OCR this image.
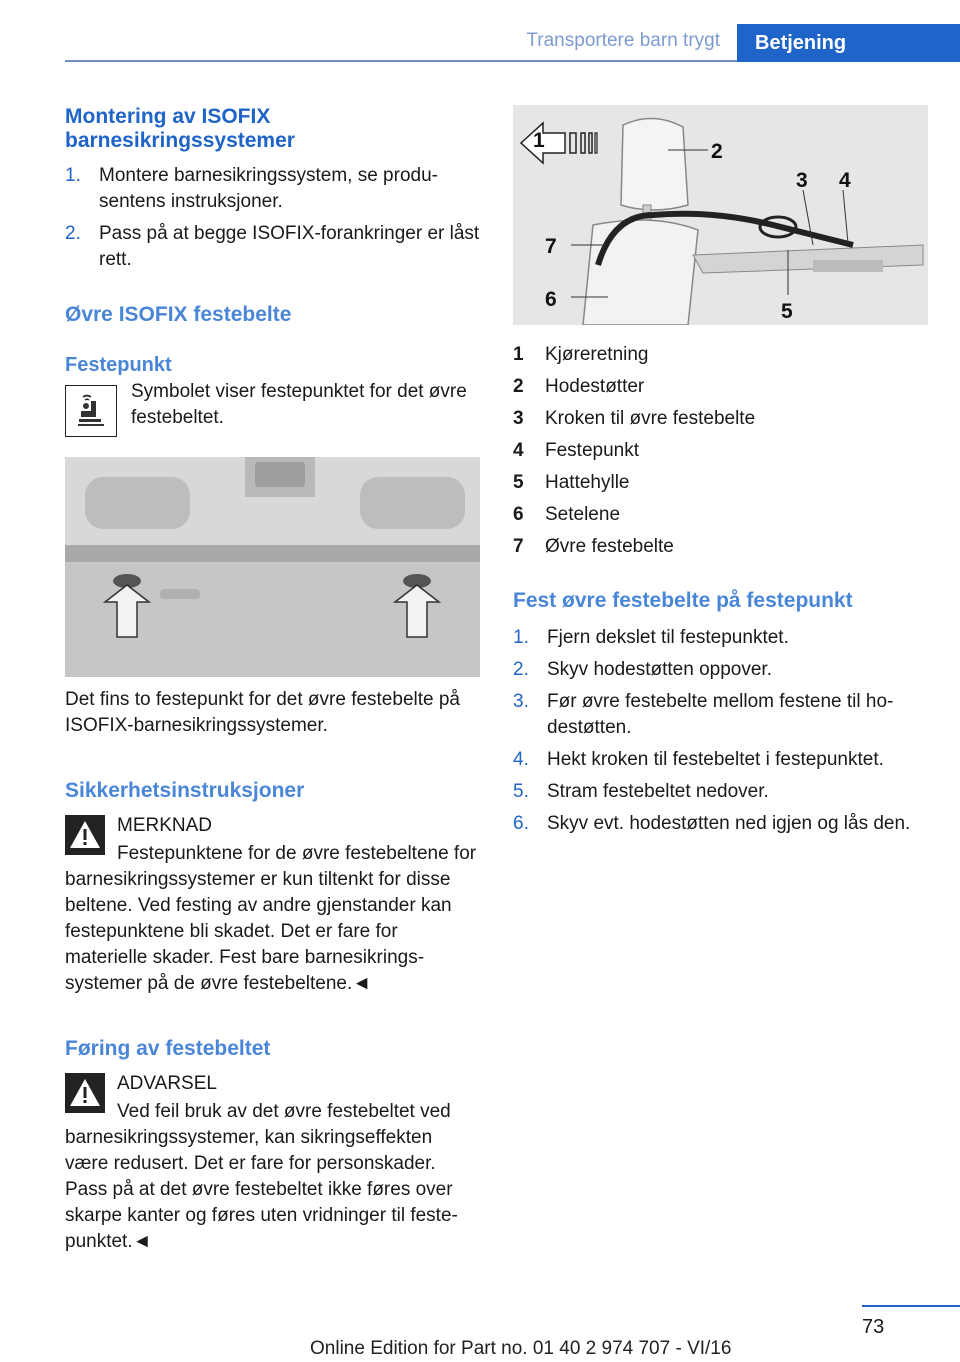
Transportere barn trygt	Betjening
Montering av ISOFIX barnesikringssystemer
1. Montere barnesikringssystem, se produsentens instruksjoner.
2. Pass på at begge ISOFIX-forankringer er låst rett.
Øvre ISOFIX festebelte
Festepunkt

Symbolet viser festepunktet for det øvre festebeltet.

Det fins to festepunkt for det øvre festebelte på ISOFIX-barnesikringssystemer.

Sikkerhetsinstruksjoner

MERKNAD

Festepunktene for de øvre festebeltene for barnesikringssystemer er kun tiltenkt for disse beltene. Ved festing av andre gjenstander kan festepunktene bli skadet. Det er fare for materielle skader. Fest bare barnesikringssystemer på de øvre festebeltene.◄

Føring av festebeltet

ADVARSEL

Ved feil bruk av det øvre festebeltet ved barnesikringssystemer, kan sikringseffekten være redusert. Det er fare for personskader. Pass på at det øvre festebeltet ikke føres over skarpe kanter og føres uten vridninger til festepunktet.◄

1	2
3 4
5
6
7
1	Kjøreretning
2	Hodestøtter
3	Kroken til øvre festebelte
4	Festepunkt
5	Hattehylle
6	Setelene
7	Øvre festebelte
Fest øvre festebelte på festepunkt
1. Fjern dekslet til festepunktet.
2. Skyv hodestøtten oppover.
3. Før øvre festebelte mellom festene til hodestøtten.
4. Hekt kroken til festebeltet i festepunktet.
5. Stram festebeltet nedover.
6. Skyv evt. hodestøtten ned igjen og lås den.
73
Online Edition for Part no. 01 40 2 974 707 - VI/16
